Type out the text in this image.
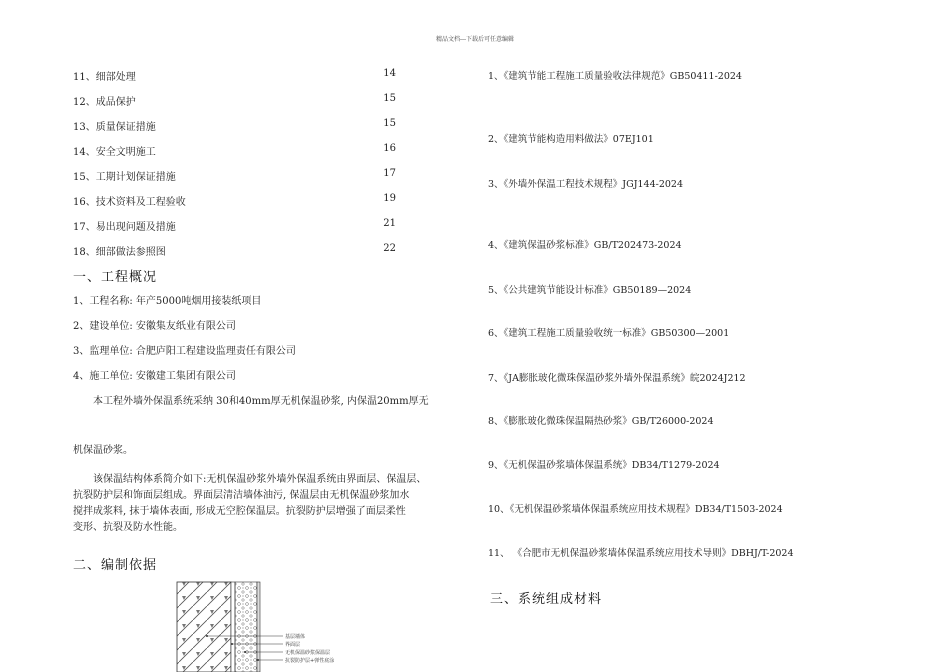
精品文档---下载后可任意编辑
11、细部处理	14
12、成品保护	15
13、质量保证措施	15
14、安全文明施工	16
15、工期计划保证措施	17
16、技术资料及工程验收	19
17、易出现问题及措施	21
18、细部做法参照图	22
一、工程概况
1、工程名称: 年产5000吨烟用接装纸项目
2、建设单位: 安徽集友纸业有限公司
3、监理单位: 合肥庐阳工程建设监理责任有限公司
4、施工单位: 安徽建工集团有限公司
本工程外墙外保温系统采纳 30和40mm厚无机保温砂浆, 内保温20mm厚无
机保温砂浆。
该保温结构体系简介如下:无机保温砂浆外墙外保温系统由界面层、保温层、
抗裂防护层和饰面层组成。界面层清洁墙体油污, 保温层由无机保温砂浆加水
搅拌成浆料, 抹于墙体表面, 形成无空腔保温层。抗裂防护层增强了面层柔性
变形、抗裂及防水性能。
二、编制依据
基层墙体
界面层
无机保温砂浆保温层
抗裂防护层+弹性底涂
1、《建筑节能工程施工质量验收法律规范》GB50411-2024
2、《建筑节能构造用料做法》07EJ101
3、《外墙外保温工程技术规程》JGJ144-2024
4、《建筑保温砂浆标准》GB/T202473-2024
5、《公共建筑节能设计标准》GB50189—2024
6、《建筑工程施工质量验收统一标准》GB50300—2001
7、《JA膨胀玻化微珠保温砂浆外墙外保温系统》皖2024J212
8、《膨胀玻化微珠保温隔热砂浆》GB/T26000-2024
9、《无机保温砂浆墙体保温系统》DB34/T1279-2024
10、《无机保温砂浆墙体保温系统应用技术规程》DB34/T1503-2024
11、 《合肥市无机保温砂浆墙体保温系统应用技术导则》DBHJ/T-2024
三、系统组成材料
